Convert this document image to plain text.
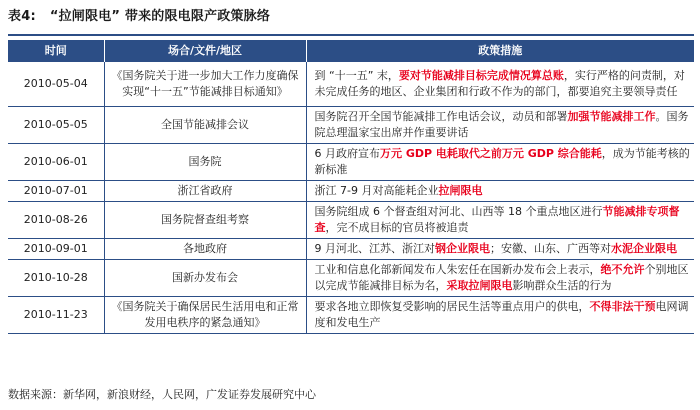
表4: “拉闸限电” 带来的限电限产政策脉络
时间	场合/文件/地区	政策措施
2010-05-04	《国务院关于进一步加大工作力度确保实现“十一五”节能减排目标通知》	到 “十一五” 末，要对节能减排目标完成情况算总账，实行严格的问责制，对未完成任务的地区、企业集团和行政不作为的部门，都要追究主要领导责任
2010-05-05	全国节能减排会议	国务院召开全国节能减排工作电话会议，动员和部署加强节能减排工作。国务院总理温家宝出席并作重要讲话
2010-06-01	国务院	6 月政府宣布万元 GDP 电耗取代之前万元 GDP 综合能耗，成为节能考核的新标准
2010-07-01	浙江省政府	浙江 7-9 月对高能耗企业拉闸限电
2010-08-26	国务院督查组考察	国务院组成 6 个督查组对河北、山西等 18 个重点地区进行节能减排专项督查，完不成目标的官员将被追责
2010-09-01	各地政府	9 月河北、江苏、浙江对钢企业限电；安徽、山东、广西等对水泥企业限电
2010-10-28	国新办发布会	工业和信息化部新闻发布人朱宏任在国新办发布会上表示，绝不允许个别地区以完成节能减排目标为名，采取拉闸限电影响群众生活的行为
2010-11-23	《国务院关于确保居民生活用电和正常发用电秩序的紧急通知》	要求各地立即恢复受影响的居民生活等重点用户的供电，不得非法干预电网调度和发电生产
数据来源：新华网，新浪财经，人民网，广发证券发展研究中心
